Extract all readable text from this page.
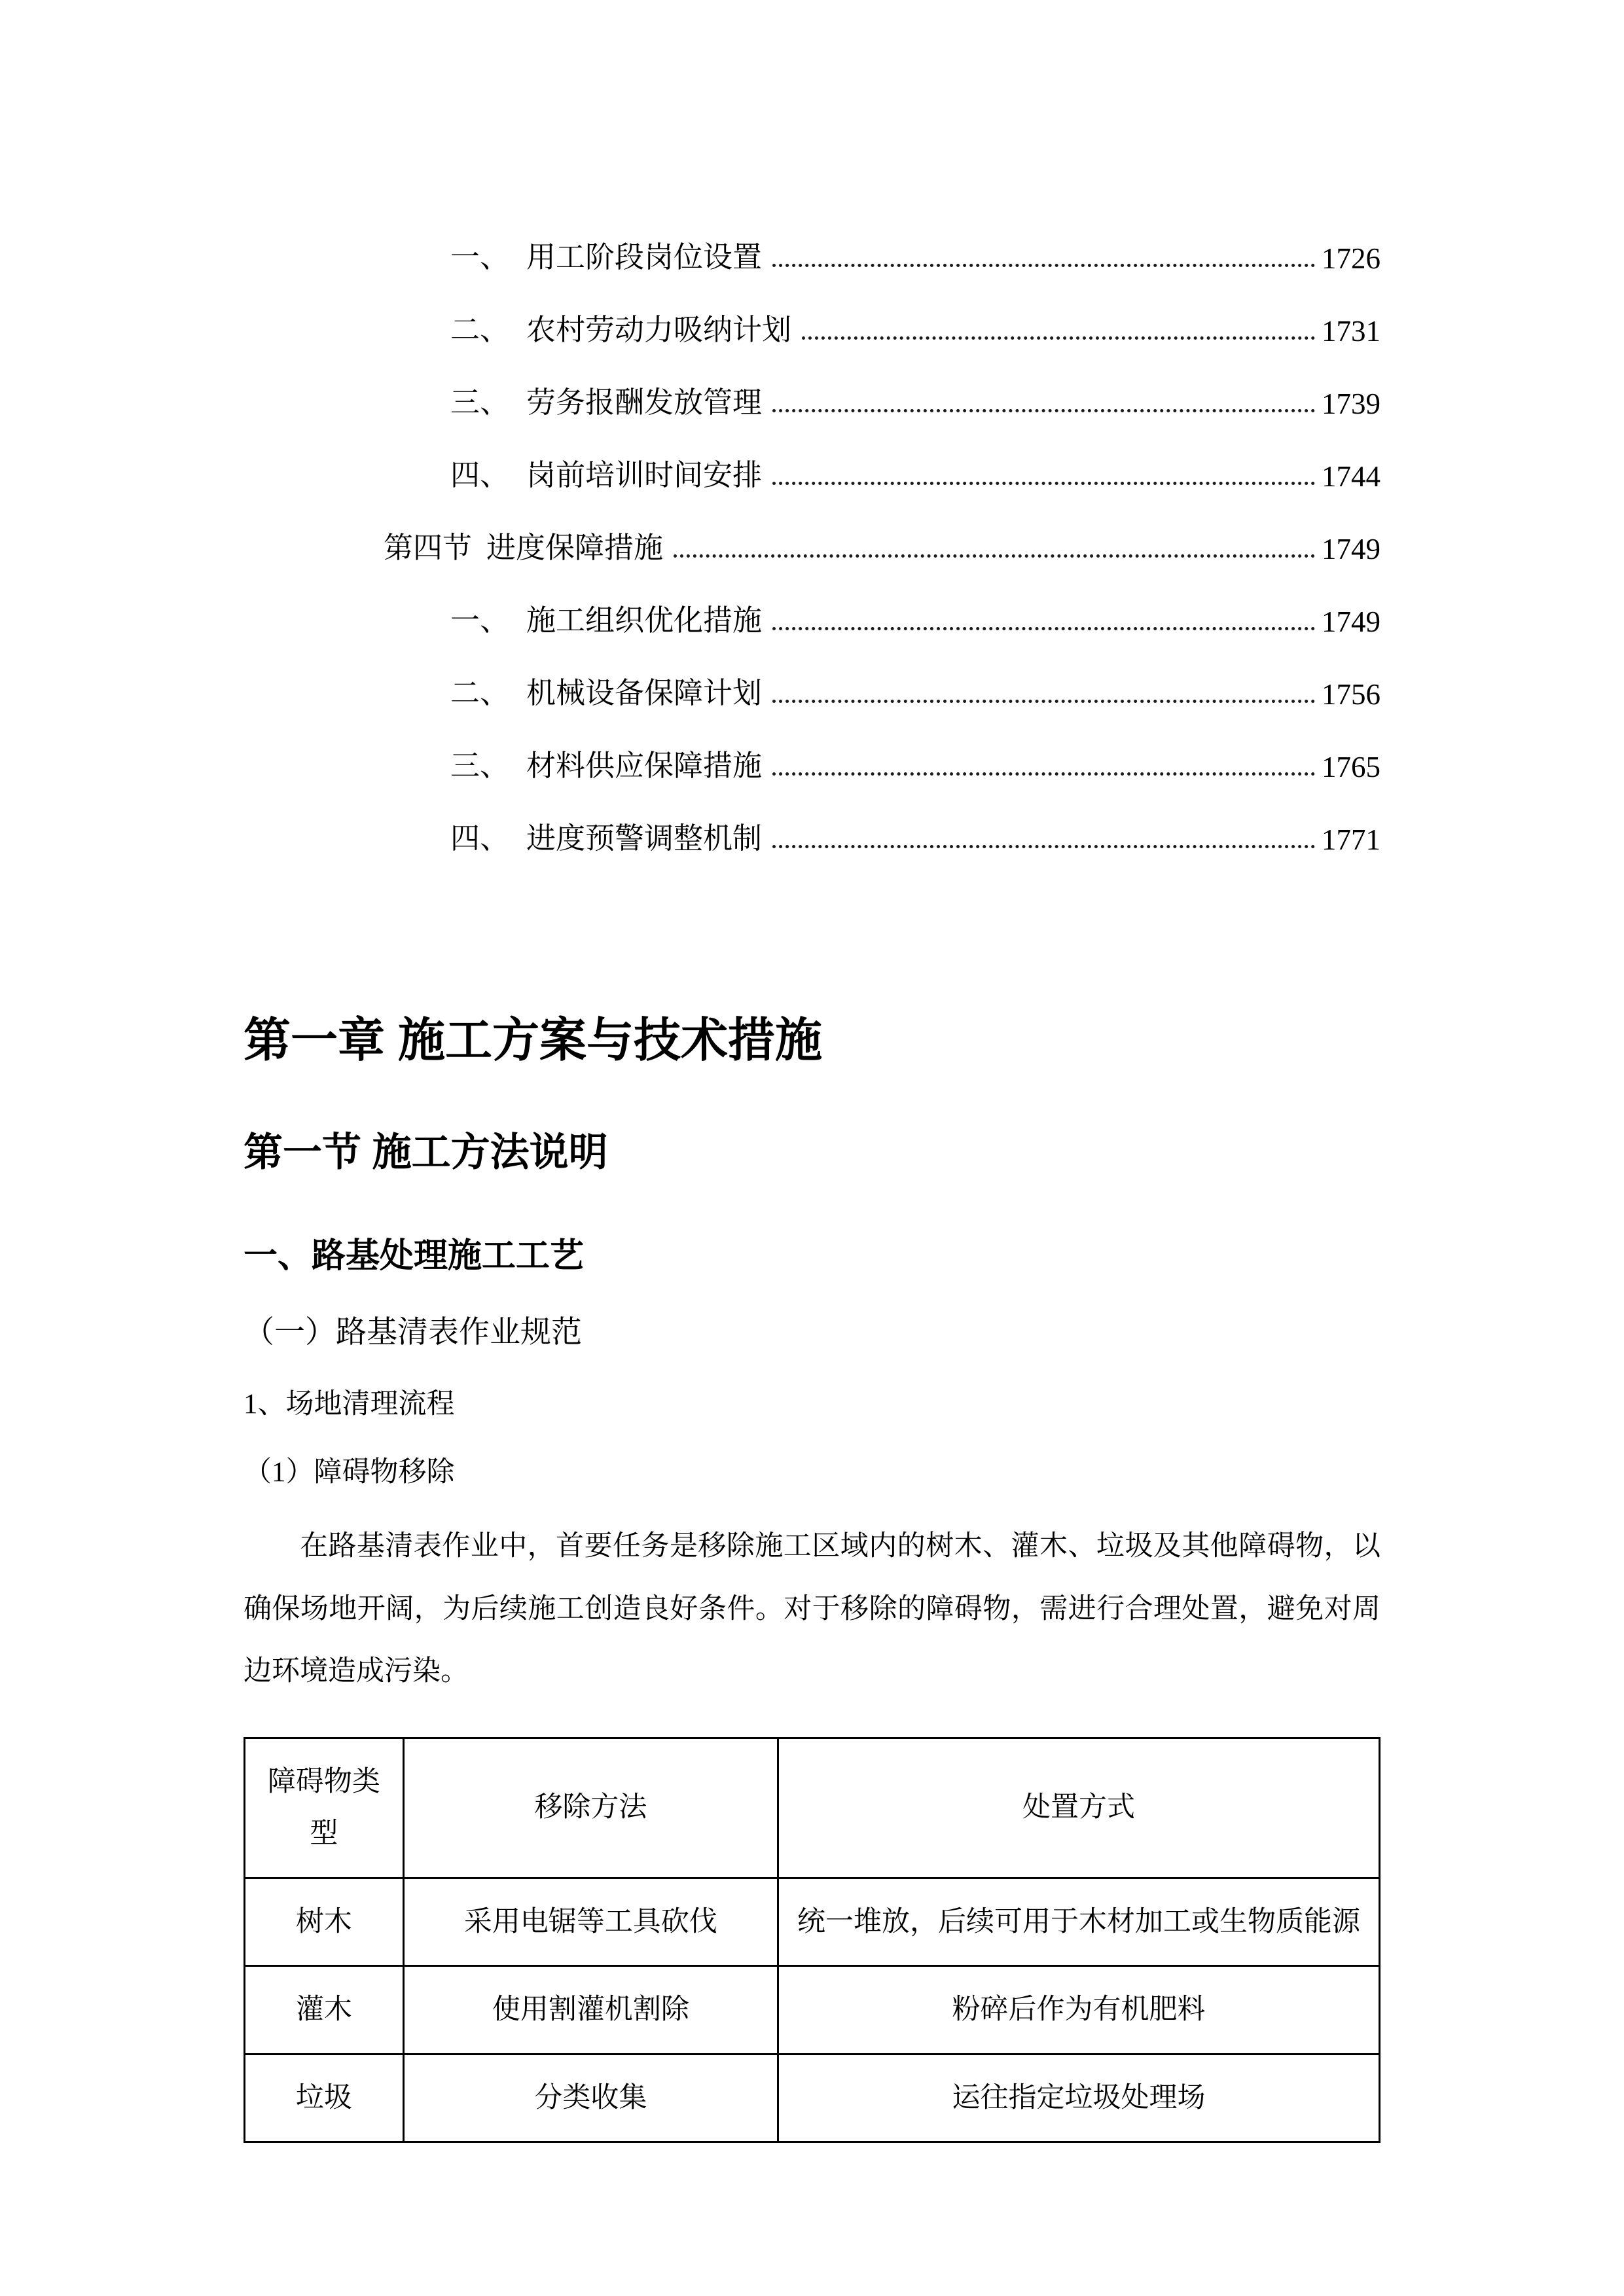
一、 用工阶段岗位设置	1726
二、 农村劳动力吸纳计划	1731
三、 劳务报酬发放管理	1739
四、 岗前培训时间安排	1744
第四节 进度保障措施	1749
一、 施工组织优化措施	1749
二、 机械设备保障计划	1756
三、 材料供应保障措施	1765
四、 进度预警调整机制	1771
第一章 施工方案与技术措施
第一节 施工方法说明
一、路基处理施工工艺
（一）路基清表作业规范
1、场地清理流程
（1）障碍物移除

在路基清表作业中，首要任务是移除施工区域内的树木、灌木、垃圾及其他障碍物，以确保场地开阔，为后续施工创造良好条件。对于移除的障碍物，需进行合理处置，避免对周边环境造成污染。

障碍物类型	移除方法	处置方式
树木	采用电锯等工具砍伐	统一堆放，后续可用于木材加工或生物质能源
灌木	使用割灌机割除	粉碎后作为有机肥料
垃圾	分类收集	运往指定垃圾处理场
